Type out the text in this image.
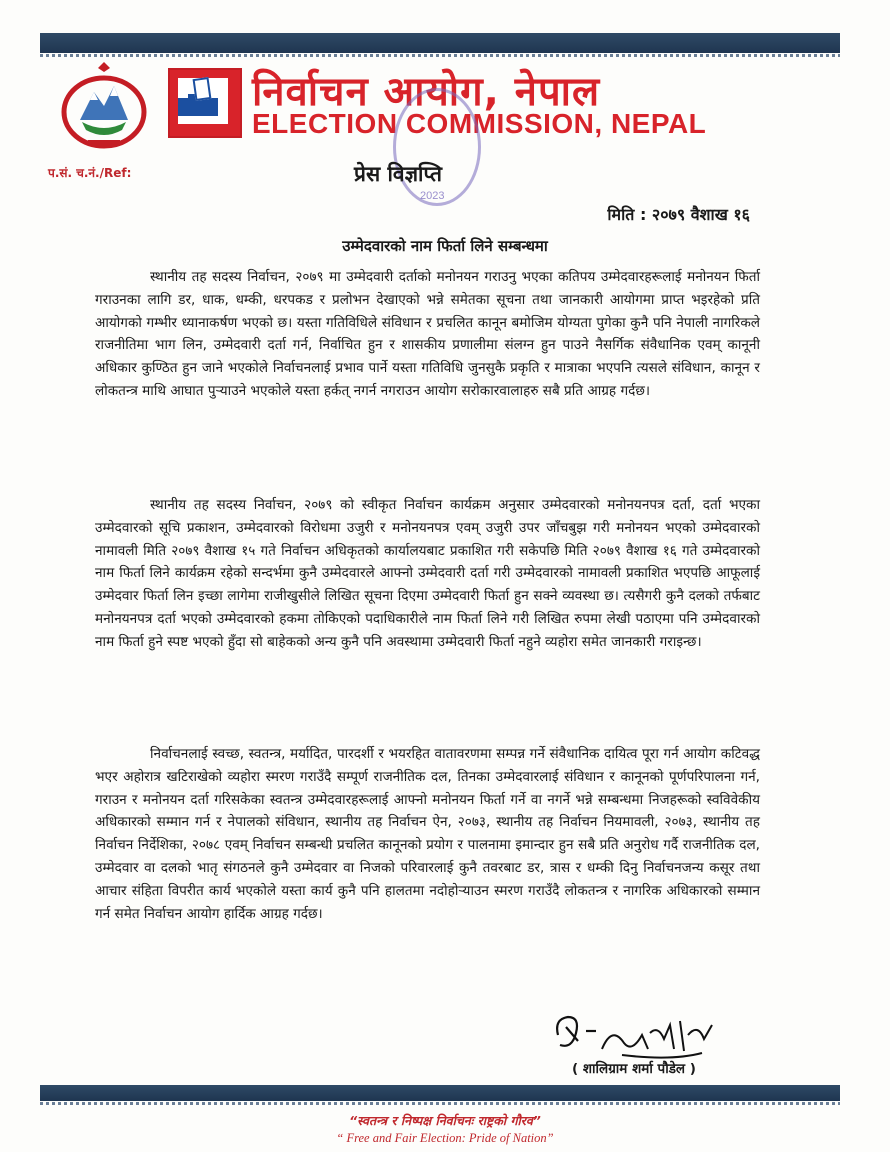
निर्वाचन आयोग, नेपाल
ELECTION COMMISSION, NEPAL
2023
प.सं. च.नं./Ref:	प्रेस विज्ञप्ति
मिति : २०७९ वैशाख १६
उम्मेदवारको नाम फिर्ता लिने सम्बन्धमा
स्थानीय तह सदस्य निर्वाचन, २०७९ मा उम्मेदवारी दर्ताको मनोनयन गराउनु भएका कतिपय उम्मेदवारहरूलाई मनोनयन फिर्ता गराउनका लागि डर, धाक, धम्की, धरपकड र प्रलोभन देखाएको भन्ने समेतका सूचना तथा जानकारी आयोगमा प्राप्त भइरहेको प्रति आयोगको गम्भीर ध्यानाकर्षण भएको छ। यस्ता गतिविधिले संविधान र प्रचलित कानून बमोजिम योग्यता पुगेका कुनै पनि नेपाली नागरिकले राजनीतिमा भाग लिन, उम्मेदवारी दर्ता गर्न, निर्वाचित हुन र शासकीय प्रणालीमा संलग्न हुन पाउने नैसर्गिक संवैधानिक एवम् कानूनी अधिकार कुण्ठित हुन जाने भएकोले निर्वाचनलाई प्रभाव पार्ने यस्ता गतिविधि जुनसुकै प्रकृति र मात्राका भएपनि त्यसले संविधान, कानून र लोकतन्त्र माथि आघात पुऱ्याउने भएकोले यस्ता हर्कत् नगर्न नगराउन आयोग सरोकारवालाहरु सबै प्रति आग्रह गर्दछ।
स्थानीय तह सदस्य निर्वाचन, २०७९ को स्वीकृत निर्वाचन कार्यक्रम अनुसार उम्मेदवारको मनोनयनपत्र दर्ता, दर्ता भएका उम्मेदवारको सूचि प्रकाशन, उम्मेदवारको विरोधमा उजुरी र मनोनयनपत्र एवम् उजुरी उपर जाँचबुझ गरी मनोनयन भएको उम्मेदवारको नामावली मिति २०७९ वैशाख १५ गते निर्वाचन अधिकृतको कार्यालयबाट प्रकाशित गरी सकेपछि मिति २०७९ वैशाख १६ गते उम्मेदवारको नाम फिर्ता लिने कार्यक्रम रहेको सन्दर्भमा कुनै उम्मेदवारले आफ्नो उम्मेदवारी दर्ता गरी उम्मेदवारको नामावली प्रकाशित भएपछि आफूलाई उम्मेदवार फिर्ता लिन इच्छा लागेमा राजीखुसीले लिखित सूचना दिएमा उम्मेदवारी फिर्ता हुन सक्ने व्यवस्था छ। त्यसैगरी कुनै दलको तर्फबाट मनोनयनपत्र दर्ता भएको उम्मेदवारको हकमा तोकिएको पदाधिकारीले नाम फिर्ता लिने गरी लिखित रुपमा लेखी पठाएमा पनि उम्मेदवारको नाम फिर्ता हुने स्पष्ट भएको हुँदा सो बाहेकको अन्य कुनै पनि अवस्थामा उम्मेदवारी फिर्ता नहुने व्यहोरा समेत जानकारी गराइन्छ।
निर्वाचनलाई स्वच्छ, स्वतन्त्र, मर्यादित, पारदर्शी र भयरहित वातावरणमा सम्पन्न गर्ने संवैधानिक दायित्व पूरा गर्न आयोग कटिवद्ध भएर अहोरात्र खटिराखेको व्यहोरा स्मरण गराउँदै सम्पूर्ण राजनीतिक दल, तिनका उम्मेदवारलाई संविधान र कानूनको पूर्णपरिपालना गर्न, गराउन र मनोनयन दर्ता गरिसकेका स्वतन्त्र उम्मेदवारहरूलाई आफ्नो मनोनयन फिर्ता गर्ने वा नगर्ने भन्ने सम्बन्धमा निजहरूको स्वविवेकीय अधिकारको सम्मान गर्न र नेपालको संविधान, स्थानीय तह निर्वाचन ऐन, २०७३, स्थानीय तह निर्वाचन नियमावली, २०७३, स्थानीय तह निर्वाचन निर्देशिका, २०७८ एवम् निर्वाचन सम्बन्धी प्रचलित कानूनको प्रयोग र पालनामा इमान्दार हुन सबै प्रति अनुरोध गर्दै राजनीतिक दल, उम्मेदवार वा दलको भातृ संगठनले कुनै उम्मेदवार वा निजको परिवारलाई कुनै तवरबाट डर, त्रास र धम्की दिनु निर्वाचनजन्य कसूर तथा आचार संहिता विपरीत कार्य भएकोले यस्ता कार्य कुनै पनि हालतमा नदोहोऱ्याउन स्मरण गराउँदै लोकतन्त्र र नागरिक अधिकारको सम्मान गर्न समेत निर्वाचन आयोग हार्दिक आग्रह गर्दछ।
( शालिग्राम शर्मा पौडेल )
“स्वतन्त्र र निष्पक्ष निर्वाचनः राष्ट्रको गौरव”
“ Free and Fair Election: Pride of Nation”
